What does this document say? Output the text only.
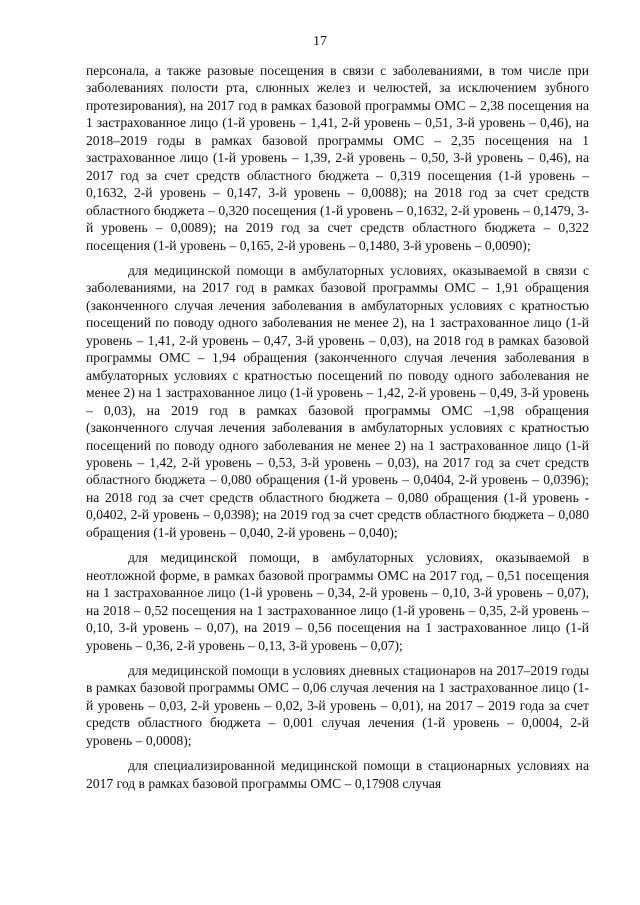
17

персонала, а также разовые посещения в связи с заболеваниями, в том числе при заболеваниях полости рта, слюнных желез и челюстей, за исключением зубного протезирования), на 2017 год в рамках базовой программы ОМС – 2,38 посещения на 1 застрахованное лицо (1-й уровень – 1,41, 2-й уровень – 0,51, 3-й уровень – 0,46), на 2018–2019 годы в рамках базовой программы ОМС – 2,35 посещения на 1 застрахованное лицо (1-й уровень – 1,39, 2-й уровень – 0,50, 3-й уровень – 0,46), на 2017 год за счет средств областного бюджета – 0,319 посещения (1-й уровень – 0,1632, 2-й уровень – 0,147, 3-й уровень – 0,0088); на 2018 год за счет средств областного бюджета – 0,320 посещения (1-й уровень – 0,1632, 2-й уровень – 0,1479, 3-й уровень – 0,0089); на 2019 год за счет средств областного бюджета – 0,322 посещения (1-й уровень – 0,165, 2-й уровень – 0,1480, 3-й уровень – 0,0090);

для медицинской помощи в амбулаторных условиях, оказываемой в связи с заболеваниями, на 2017 год в рамках базовой программы ОМС – 1,91 обращения (законченного случая лечения заболевания в амбулаторных условиях с кратностью посещений по поводу одного заболевания не менее 2), на 1 застрахованное лицо (1-й уровень – 1,41, 2-й уровень – 0,47, 3-й уровень – 0,03), на 2018 год в рамках базовой программы ОМС – 1,94 обращения (законченного случая лечения заболевания в амбулаторных условиях с кратностью посещений по поводу одного заболевания не менее 2) на 1 застрахованное лицо (1-й уровень – 1,42, 2-й уровень – 0,49, 3-й уровень – 0,03), на 2019 год в рамках базовой программы ОМС –1,98 обращения (законченного случая лечения заболевания в амбулаторных условиях с кратностью посещений по поводу одного заболевания не менее 2) на 1 застрахованное лицо (1-й уровень – 1,42, 2-й уровень – 0,53, 3-й уровень – 0,03), на 2017 год за счет средств областного бюджета – 0,080 обращения (1-й уровень – 0,0404, 2-й уровень – 0,0396); на 2018 год за счет средств областного бюджета – 0,080 обращения (1-й уровень - 0,0402, 2-й уровень – 0,0398); на 2019 год за счет средств областного бюджета – 0,080 обращения (1-й уровень – 0,040, 2-й уровень – 0,040);

для медицинской помощи, в амбулаторных условиях, оказываемой в неотложной форме, в рамках базовой программы ОМС на 2017 год, – 0,51 посещения на 1 застрахованное лицо (1-й уровень – 0,34, 2-й уровень – 0,10, 3-й уровень – 0,07), на 2018 – 0,52 посещения на 1 застрахованное лицо (1-й уровень – 0,35, 2-й уровень – 0,10, 3-й уровень – 0,07), на 2019 – 0,56 посещения на 1 застрахованное лицо (1-й уровень – 0,36, 2-й уровень – 0,13, 3-й уровень – 0,07);

для медицинской помощи в условиях дневных стационаров на 2017–2019 годы в рамках базовой программы ОМС – 0,06 случая лечения на 1 застрахованное лицо (1-й уровень – 0,03, 2-й уровень – 0,02, 3-й уровень – 0,01), на 2017 – 2019 года за счет средств областного бюджета – 0,001 случая лечения (1-й уровень – 0,0004, 2-й уровень – 0,0008);

для специализированной медицинской помощи в стационарных условиях на 2017 год в рамках базовой программы ОМС – 0,17908 случая
